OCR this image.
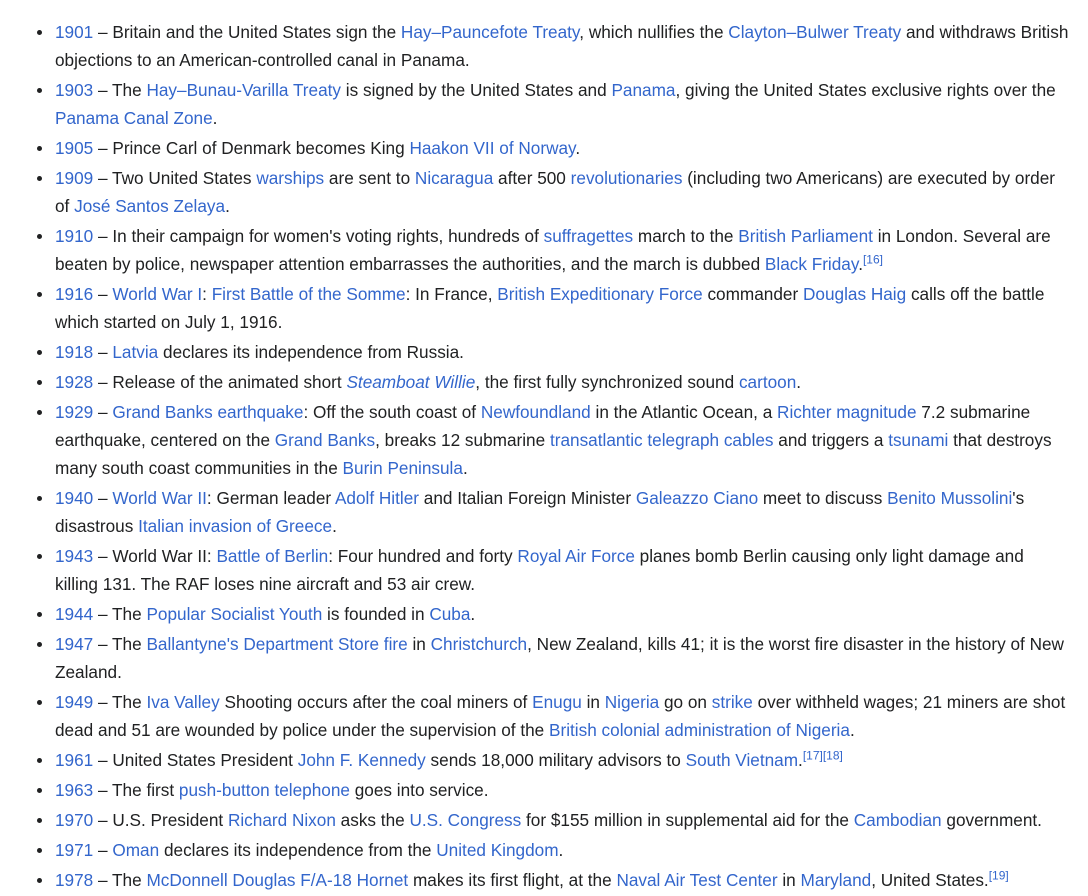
1901 – Britain and the United States sign the Hay–Pauncefote Treaty, which nullifies the Clayton–Bulwer Treaty and withdraws British objections to an American-controlled canal in Panama.
1903 – The Hay–Bunau-Varilla Treaty is signed by the United States and Panama, giving the United States exclusive rights over the Panama Canal Zone.
1905 – Prince Carl of Denmark becomes King Haakon VII of Norway.
1909 – Two United States warships are sent to Nicaragua after 500 revolutionaries (including two Americans) are executed by order of José Santos Zelaya.
1910 – In their campaign for women's voting rights, hundreds of suffragettes march to the British Parliament in London. Several are beaten by police, newspaper attention embarrasses the authorities, and the march is dubbed Black Friday.[16]
1916 – World War I: First Battle of the Somme: In France, British Expeditionary Force commander Douglas Haig calls off the battle which started on July 1, 1916.
1918 – Latvia declares its independence from Russia.
1928 – Release of the animated short Steamboat Willie, the first fully synchronized sound cartoon.
1929 – Grand Banks earthquake: Off the south coast of Newfoundland in the Atlantic Ocean, a Richter magnitude 7.2 submarine earthquake, centered on the Grand Banks, breaks 12 submarine transatlantic telegraph cables and triggers a tsunami that destroys many south coast communities in the Burin Peninsula.
1940 – World War II: German leader Adolf Hitler and Italian Foreign Minister Galeazzo Ciano meet to discuss Benito Mussolini's disastrous Italian invasion of Greece.
1943 – World War II: Battle of Berlin: Four hundred and forty Royal Air Force planes bomb Berlin causing only light damage and killing 131. The RAF loses nine aircraft and 53 air crew.
1944 – The Popular Socialist Youth is founded in Cuba.
1947 – The Ballantyne's Department Store fire in Christchurch, New Zealand, kills 41; it is the worst fire disaster in the history of New Zealand.
1949 – The Iva Valley Shooting occurs after the coal miners of Enugu in Nigeria go on strike over withheld wages; 21 miners are shot dead and 51 are wounded by police under the supervision of the British colonial administration of Nigeria.
1961 – United States President John F. Kennedy sends 18,000 military advisors to South Vietnam.[17][18]
1963 – The first push-button telephone goes into service.
1970 – U.S. President Richard Nixon asks the U.S. Congress for $155 million in supplemental aid for the Cambodian government.
1971 – Oman declares its independence from the United Kingdom.
1978 – The McDonnell Douglas F/A-18 Hornet makes its first flight, at the Naval Air Test Center in Maryland, United States.[19]
